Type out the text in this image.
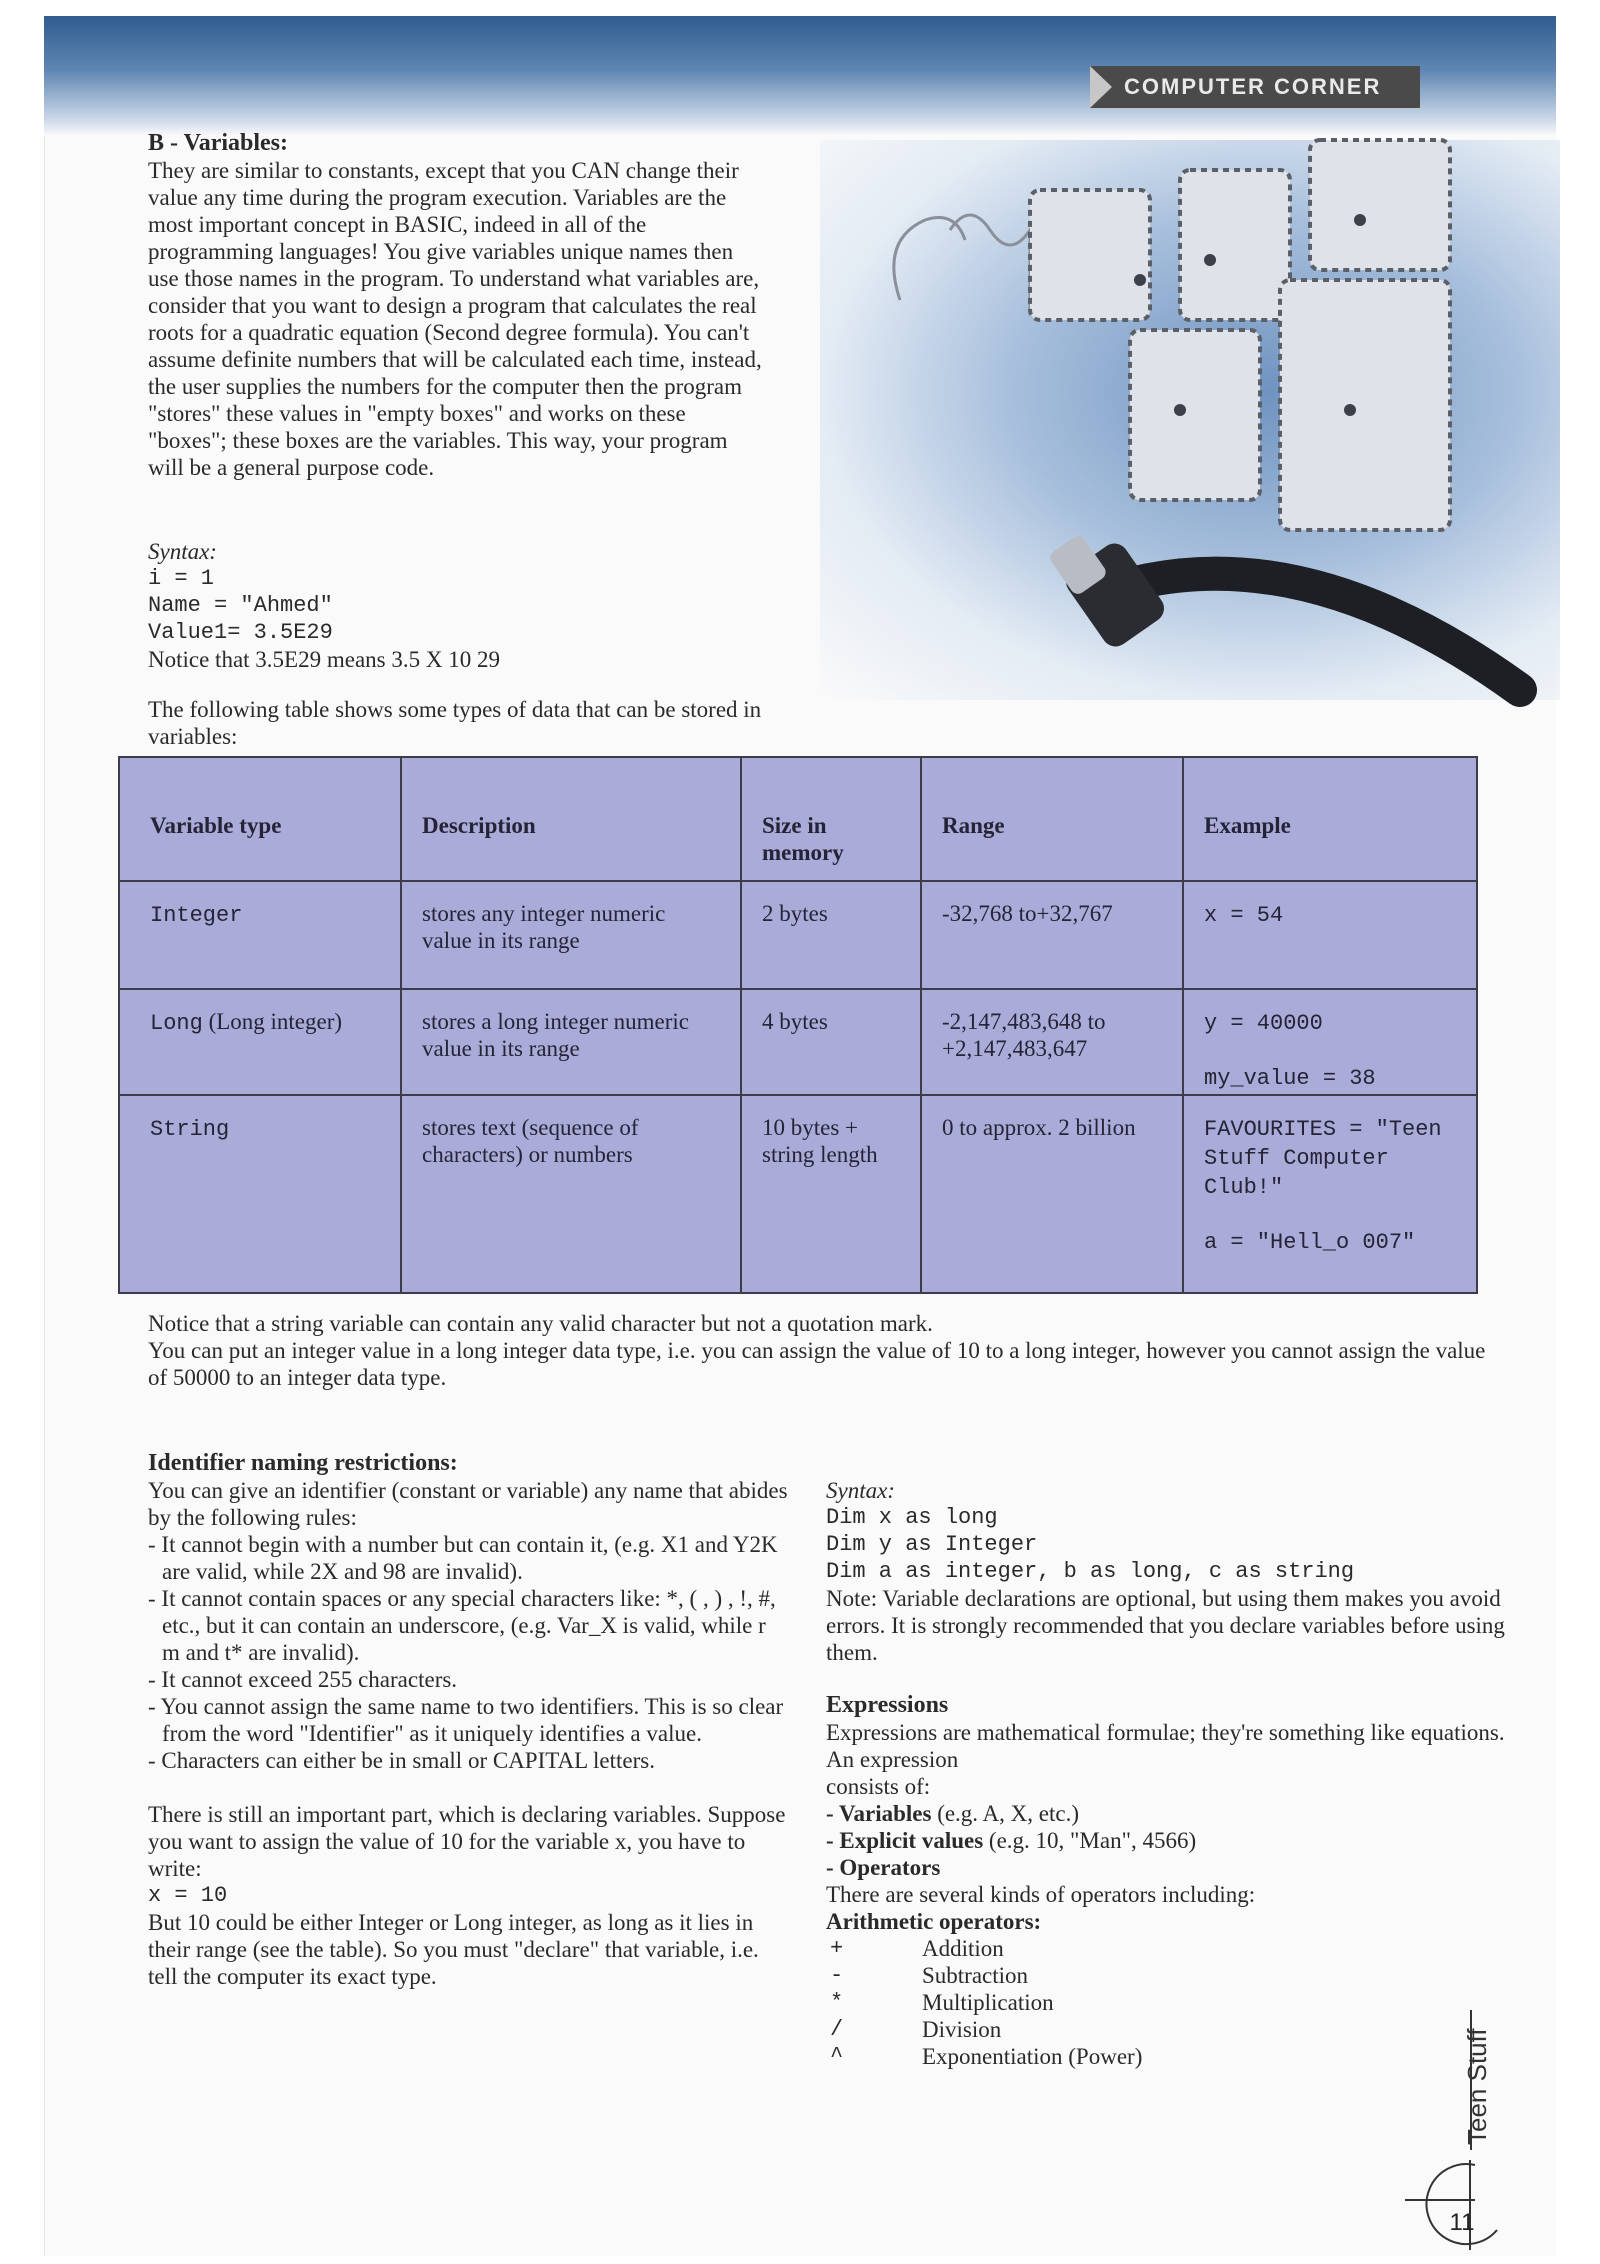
COMPUTER CORNER
B - Variables:
They are similar to constants, except that you CAN change their value any time during the program execution. Variables are the most important concept in BASIC, indeed in all of the programming languages! You give variables unique names then use those names in the program. To understand what variables are, consider that you want to design a program that calculates the real roots for a quadratic equation (Second degree formula). You can't assume definite numbers that will be calculated each time, instead, the user supplies the numbers for the computer then the program "stores" these values in "empty boxes" and works on these "boxes"; these boxes are the variables. This way, your program will be a general purpose code.
Syntax:
i = 1
Name = "Ahmed"
Value1= 3.5E29
Notice that 3.5E29 means 3.5 X 10 29
The following table shows some types of data that can be stored in variables:
Variable type	Description	Size in memory	Range	Example
Integer	stores any integer numeric value in its range	2 bytes	-32,768 to+32,767	x = 54
Long (Long integer)	stores a long integer numeric value in its range	4 bytes	-2,147,483,648 to +2,147,483,647	y = 40000
my_value = 38
String	stores text (sequence of characters) or numbers	10 bytes + string length	0 to approx. 2 billion	FAVOURITES = "Teen Stuff Computer Club!"
a = "Hell_o 007"
Notice that a string variable can contain any valid character but not a quotation mark.
You can put an integer value in a long integer data type, i.e. you can assign the value of 10 to a long integer, however you cannot assign the value of 50000 to an integer data type.
Identifier naming restrictions:
You can give an identifier (constant or variable) any name that abides by the following rules:
- It cannot begin with a number but can contain it, (e.g. X1 and Y2K are valid, while 2X and 98 are invalid).
- It cannot contain spaces or any special characters like: *, ( , ) , !, #, etc., but it can contain an underscore, (e.g. Var_X is valid, while r m and t* are invalid).
- It cannot exceed 255 characters.
- You cannot assign the same name to two identifiers. This is so clear from the word "Identifier" as it uniquely identifies a value.
- Characters can either be in small or CAPITAL letters.
There is still an important part, which is declaring variables. Suppose you want to assign the value of 10 for the variable x, you have to write:
x = 10
But 10 could be either Integer or Long integer, as long as it lies in their range (see the table). So you must "declare" that variable, i.e. tell the computer its exact type.
Syntax:
Dim x as long
Dim y as Integer
Dim a as integer, b as long, c as string
Note: Variable declarations are optional, but using them makes you avoid errors. It is strongly recommended that you declare variables before using them.
Expressions
Expressions are mathematical formulae; they're something like equations. An expression
consists of:
- Variables (e.g. A, X, etc.)
- Explicit values (e.g. 10, "Man", 4566)
- Operators
There are several kinds of operators including:
Arithmetic operators:
+	Addition
-	Subtraction
*	Multiplication
/	Division
^	Exponentiation (Power)	Teen Stuff
11
